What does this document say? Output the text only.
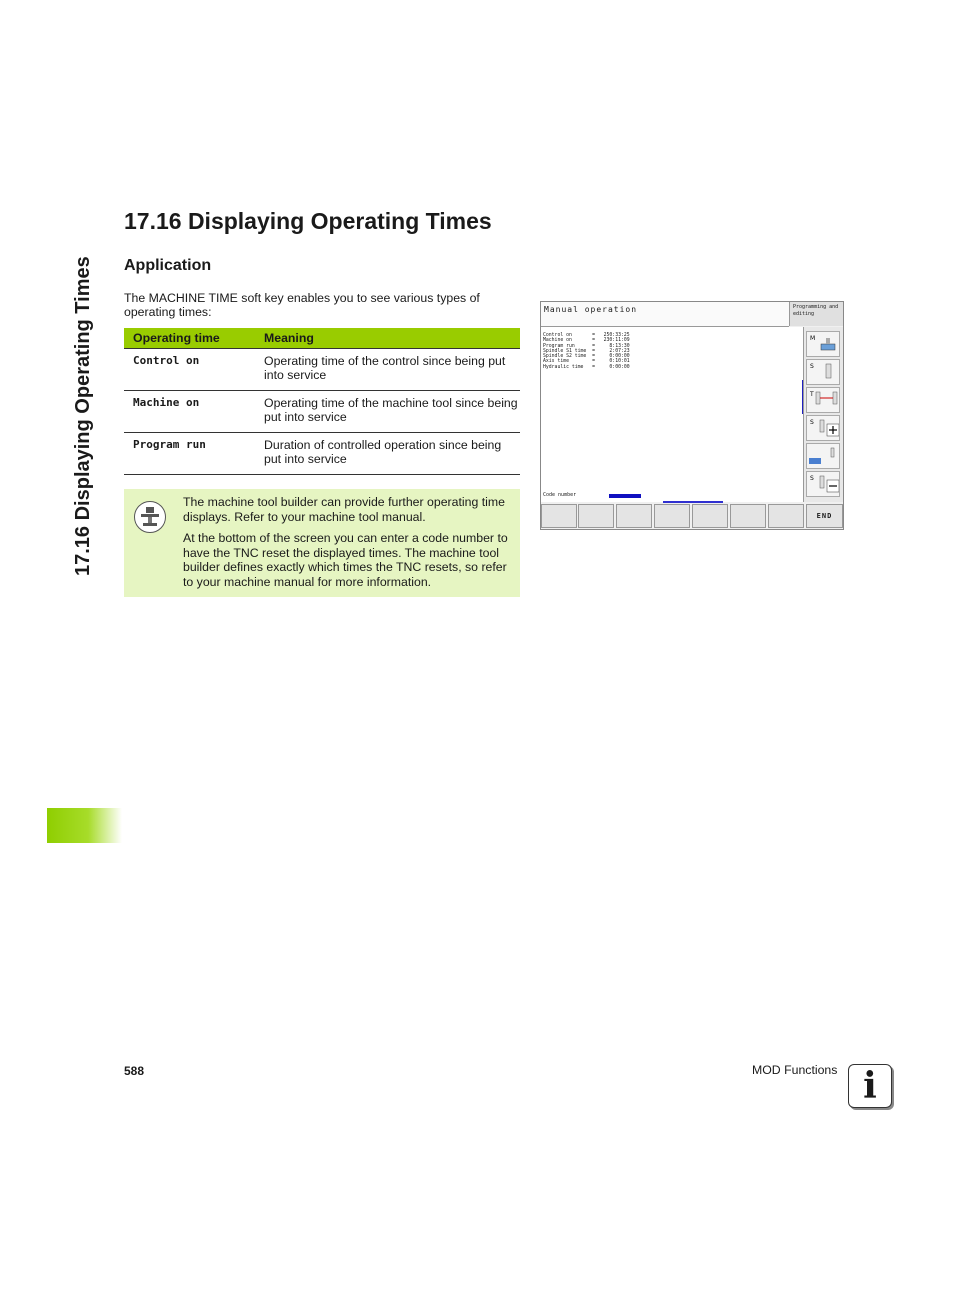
17.16 Displaying Operating Times
17.16 Displaying Operating Times
Application
The MACHINE TIME soft key enables you to see various types of operating times:
Operating time	Meaning
Control on	Operating time of the control since being put into service
Machine on	Operating time of the machine tool since being put into service
Program run	Duration of controlled operation since being put into service

The machine tool builder can provide further operating time displays. Refer to your machine tool manual.

At the bottom of the screen you can enter a code number to have the TNC reset the displayed times. The machine tool builder defines exactly which times the TNC resets, so refer to your machine manual for more information.

Manual operation	Programming and editing
Control on       =   250:33:25
Machine on       =   230:11:09
Program run      =     8:13:30
Spindle S1 time  =     2:07:23
Spindle S2 time  =     0:00:00
Axis time        =     0:10:01
Hydraulic time   =     0:00:00
Code number
M
S
T
S
S
END
588	MOD Functions i
